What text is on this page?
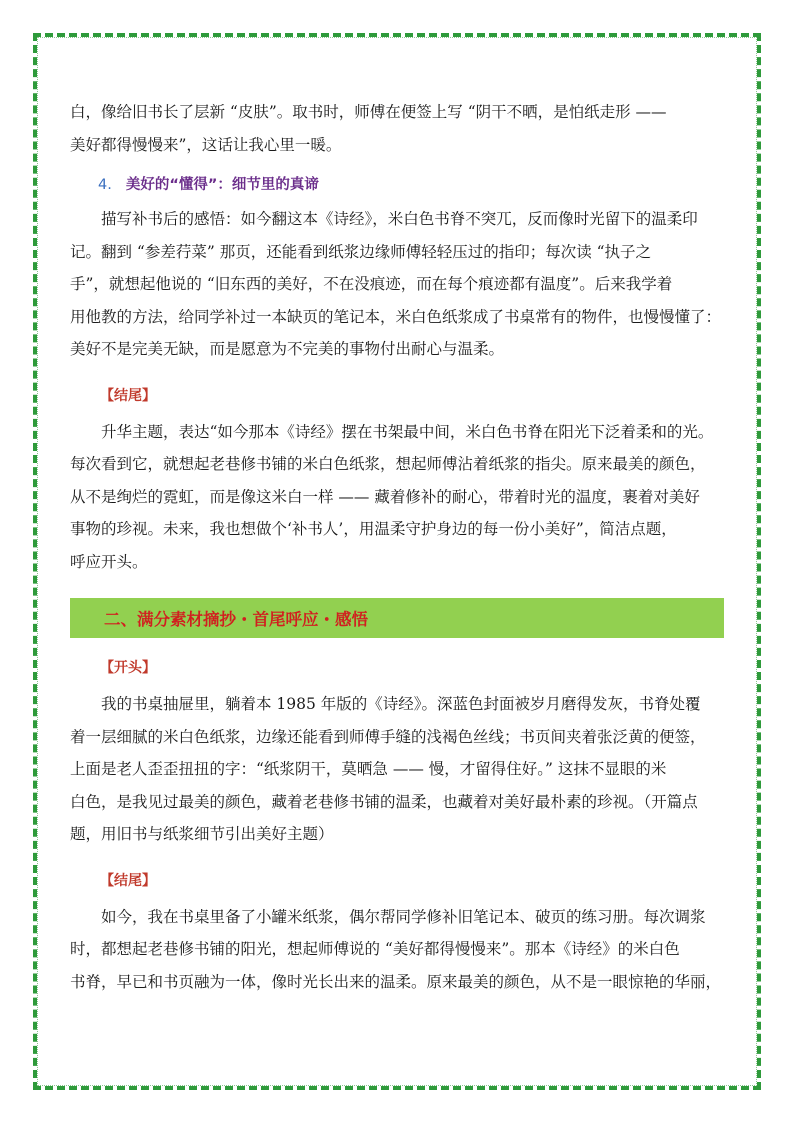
白，像给旧书长了层新 “皮肤”。取书时，师傅在便签上写 “阴干不晒，是怕纸走形 ——
美好都得慢慢来”，这话让我心里一暖。

4. 美好的“懂得”：细节里的真谛

描写补书后的感悟：如今翻这本《诗经》，米白色书脊不突兀，反而像时光留下的温柔印
记。翻到 “参差荇菜” 那页，还能看到纸浆边缘师傅轻轻压过的指印；每次读 “执子之
手”，就想起他说的 “旧东西的美好，不在没痕迹，而在每个痕迹都有温度”。后来我学着
用他教的方法，给同学补过一本缺页的笔记本，米白色纸浆成了书桌常有的物件，也慢慢懂了：
美好不是完美无缺，而是愿意为不完美的事物付出耐心与温柔。

【结尾】

升华主题，表达“如今那本《诗经》摆在书架最中间，米白色书脊在阳光下泛着柔和的光。
每次看到它，就想起老巷修书铺的米白色纸浆，想起师傅沾着纸浆的指尖。原来最美的颜色，
从不是绚烂的霓虹，而是像这米白一样 —— 藏着修补的耐心，带着时光的温度，裹着对美好
事物的珍视。未来，我也想做个‘补书人’，用温柔守护身边的每一份小美好”，简洁点题，
呼应开头。

二、满分素材摘抄・首尾呼应・感悟
【开头】

我的书桌抽屉里，躺着本 1985 年版的《诗经》。深蓝色封面被岁月磨得发灰，书脊处覆
着一层细腻的米白色纸浆，边缘还能看到师傅手缝的浅褐色丝线；书页间夹着张泛黄的便签，
上面是老人歪歪扭扭的字：“纸浆阴干，莫晒急 —— 慢，才留得住好。” 这抹不显眼的米
白色，是我见过最美的颜色，藏着老巷修书铺的温柔，也藏着对美好最朴素的珍视。（开篇点
题，用旧书与纸浆细节引出美好主题）

【结尾】

如今，我在书桌里备了小罐米纸浆，偶尔帮同学修补旧笔记本、破页的练习册。每次调浆
时，都想起老巷修书铺的阳光，想起师傅说的 “美好都得慢慢来”。那本《诗经》的米白色
书脊，早已和书页融为一体，像时光长出来的温柔。原来最美的颜色，从不是一眼惊艳的华丽，
